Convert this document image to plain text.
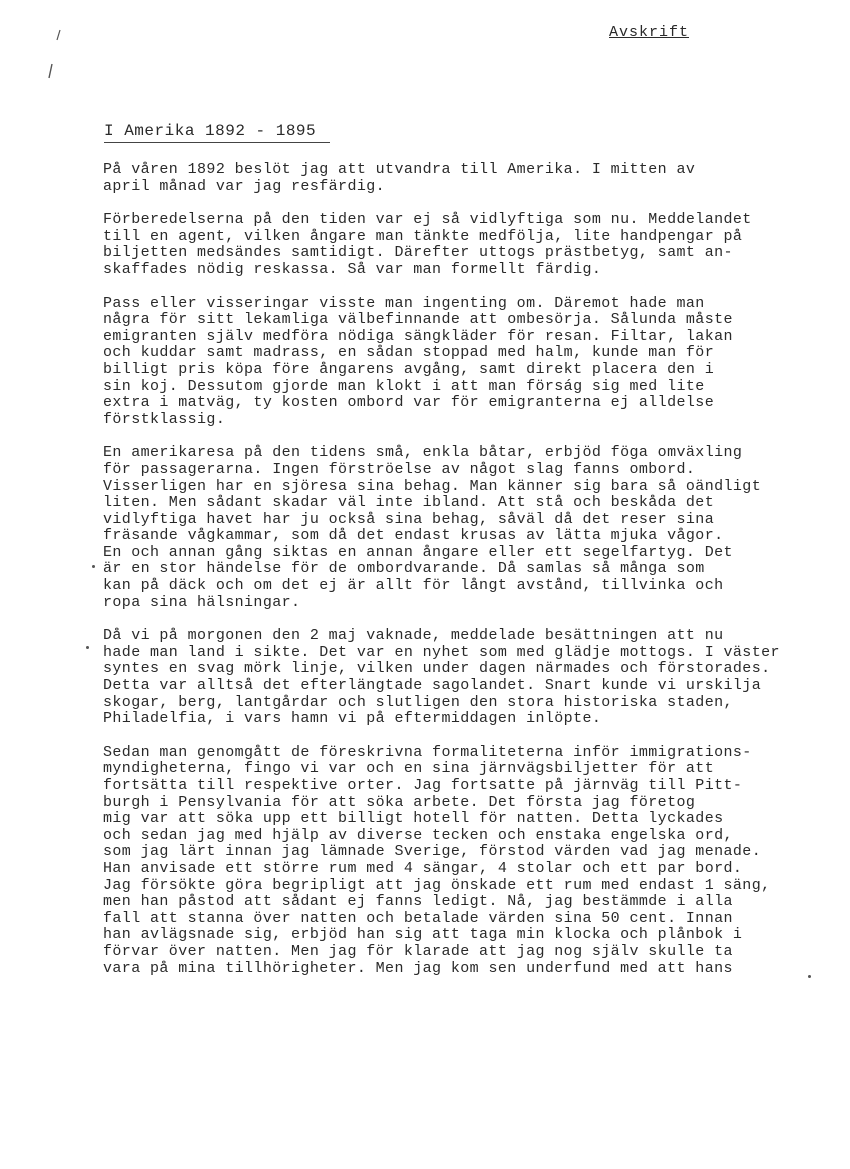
Avskrift
I Amerika 1892 - 1895
På våren 1892 beslöt jag att utvandra till Amerika. I mitten av
april månad var jag resfärdig.
Förberedelserna på den tiden var ej så vidlyftiga som nu. Meddelandet
till en agent, vilken ångare man tänkte medfölja, lite handpengar på
biljetten medsändes samtidigt. Därefter uttogs prästbetyg, samt an-
skaffades nödig reskassa. Så var man formellt färdig.
Pass eller visseringar visste man ingenting om. Däremot hade man
några för sitt lekamliga välbefinnande att ombesörja. Sålunda måste
emigranten själv medföra nödiga sängkläder för resan. Filtar, lakan
och kuddar samt madrass, en sådan stoppad med halm, kunde man för
billigt pris köpa före ångarens avgång, samt direkt placera den i
sin koj. Dessutom gjorde man klokt i att man förság sig med lite
extra i matväg, ty kosten ombord var för emigranterna ej alldelse
förstklassig.
En amerikaresa på den tidens små, enkla båtar, erbjöd föga omväxling
för passagerarna. Ingen förströelse av något slag fanns ombord.
Visserligen har en sjöresa sina behag. Man känner sig bara så oändligt
liten. Men sådant skadar väl inte ibland. Att stå och beskåda det
vidlyftiga havet har ju också sina behag, såväl då det reser sina
fräsande vågkammar, som då det endast krusas av lätta mjuka vågor.
En och annan gång siktas en annan ångare eller ett segelfartyg. Det
är en stor händelse för de ombordvarande. Då samlas så många som
kan på däck och om det ej är allt för långt avstånd, tillvinka och
ropa sina hälsningar.
Då vi på morgonen den 2 maj vaknade, meddelade besättningen att nu
hade man land i sikte. Det var en nyhet som med glädje mottogs. I väster
syntes en svag mörk linje, vilken under dagen närmades och förstorades.
Detta var alltså det efterlängtade sagolandet. Snart kunde vi urskilja
skogar, berg, lantgårdar och slutligen den stora historiska staden,
Philadelfia, i vars hamn vi på eftermiddagen inlöpte.
Sedan man genomgått de föreskrivna formaliteterna inför immigrations-
myndigheterna, fingo vi var och en sina järnvägsbiljetter för att
fortsätta till respektive orter. Jag fortsatte på järnväg till Pitt-
burgh i Pensylvania för att söka arbete. Det första jag företog
mig var att söka upp ett billigt hotell för natten. Detta lyckades
och sedan jag med hjälp av diverse tecken och enstaka engelska ord,
som jag lärt innan jag lämnade Sverige, förstod värden vad jag menade.
Han anvisade ett större rum med 4 sängar, 4 stolar och ett par bord.
Jag försökte göra begripligt att jag önskade ett rum med endast 1 säng,
men han påstod att sådant ej fanns ledigt. Nå, jag bestämmde i alla
fall att stanna över natten och betalade värden sina 50 cent. Innan
han avlägsnade sig, erbjöd han sig att taga min klocka och plånbok i
förvar över natten. Men jag för klarade att jag nog själv skulle ta
vara på mina tillhörigheter. Men jag kom sen underfund med att hans
